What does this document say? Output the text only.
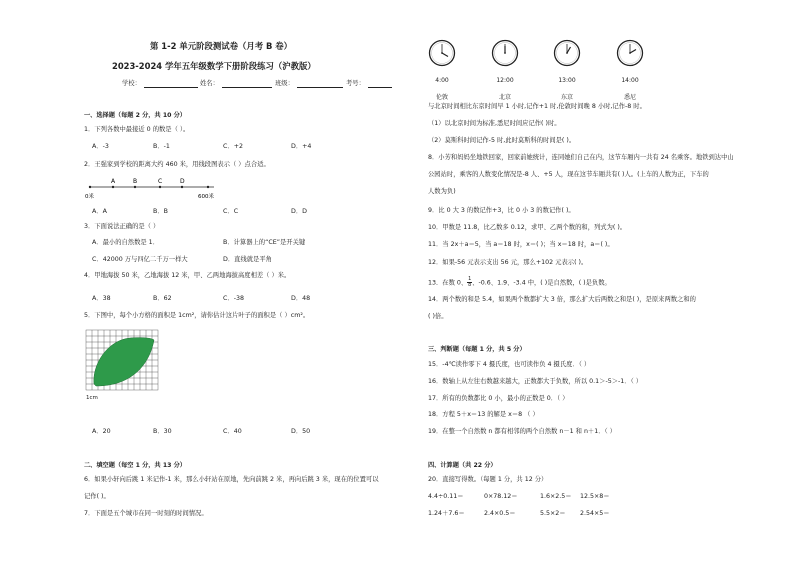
第 1-2 单元阶段测试卷（月考 B 卷）
2023-2024 学年五年级数学下册阶段练习（沪教版）
学校：	姓名：	班级：	考号：
一、选择题（每题 2 分，共 10 分）
1．下列各数中最接近 0 的数是（ ）。
A．-3	B．-1	C．+2	D．+4
2．王强家到学校的距离大约 460 米，用线段图表示（ ）点合适。
A	B	C	D
0米	600米
A．A	B．B	C．C	D．D
3．下面说法正确的是（ ）
A．最小的自然数是 1．	B．计算器上的“CE”是开关键
C．42000 万与四亿二千万一样大	D．直线就是平角
4．甲地海拔 50 米，乙地海拔 12 米，甲、乙两地海拔高度相差（ ）米。
A．38	B．62	C．-38	D．48
5．下图中，每个小方格的面积是 1cm²，请你估计这片叶子的面积是（ ）cm²。
1cm
A．20	B．30	C．40	D．50
二、填空题（每空 1 分，共 13 分）
6．如果小轩向后跳 1 米记作-1 米，那么小轩站在原地，先向前跳 2 米，再向后跳 3 米，现在的位置可以
记作( )。
7．下面是五个城市在同一时刻的时间情况。
4:00	12:00	13:00	14:00
伦敦	北京	东京	悉尼
与北京时间相比东京时间早 1 小时,记作+1 时,伦敦时间晚 8 小时,记作-8 时。
（1）以北京时间为标准,悉尼时间应记作( )时。
（2）莫斯科时间记作-5 时,此时莫斯科的时间是( )。
8．小芳和妈妈坐地铁回家，回家前她统计，连同她们自己在内，这节车厢内一共有 24 名乘客。地铁到达中山
公园站时，乘客的人数变化情况是-8 人、+5 人，现在这节车厢共有( )人。(上车的人数为正，下车的
人数为负)
9．比 0 大 3 的数记作+3，比 0 小 3 的数记作( )。
10．甲数是 11.8，比乙数多 0.12，求甲、乙两个数的和，列式为( )。
11．当 2x＋a＝5，当 a＝18 时，x＝( )；当 x＝18 时，a＝( )。
12．如果-56 元表示支出 56 元，那么+102 元表示( )。
13．在数 0、 $\frac{1}{8}$ 、-0.6、1.9、-3.4 中，( )是自然数，( )是负数。
14．两个数的和是 5.4，如果两个数都扩大 3 倍，那么扩大后两数之和是( )，是原来两数之和的
( )倍。
三、判断题（每题 1 分，共 5 分）
15．-4℃读作零下 4 摄氏度，也可读作负 4 摄氏度．（ ）
16．数轴上从左往右数越来越大，正数都大于负数，所以 0.1＞-5＞-1．（ ）
17．所有的负数都比 0 小，最小的正数是 0．（ ）
18．方程 5＋x＝13 的解是 x＝8 （ ）
19．在整一个自然数 n 都有相邻的两个自然数 n－1 和 n＋1．（ ）
四、计算题（共 22 分）
20．直接写得数。（每题 1 分，共 12 分）
4.4÷0.11＝	0×78.12＝	1.6×2.5＝ 12.5×8＝
1.24＋7.6＝	2.4×0.5＝	5.5×2＝ 2.54×5＝
